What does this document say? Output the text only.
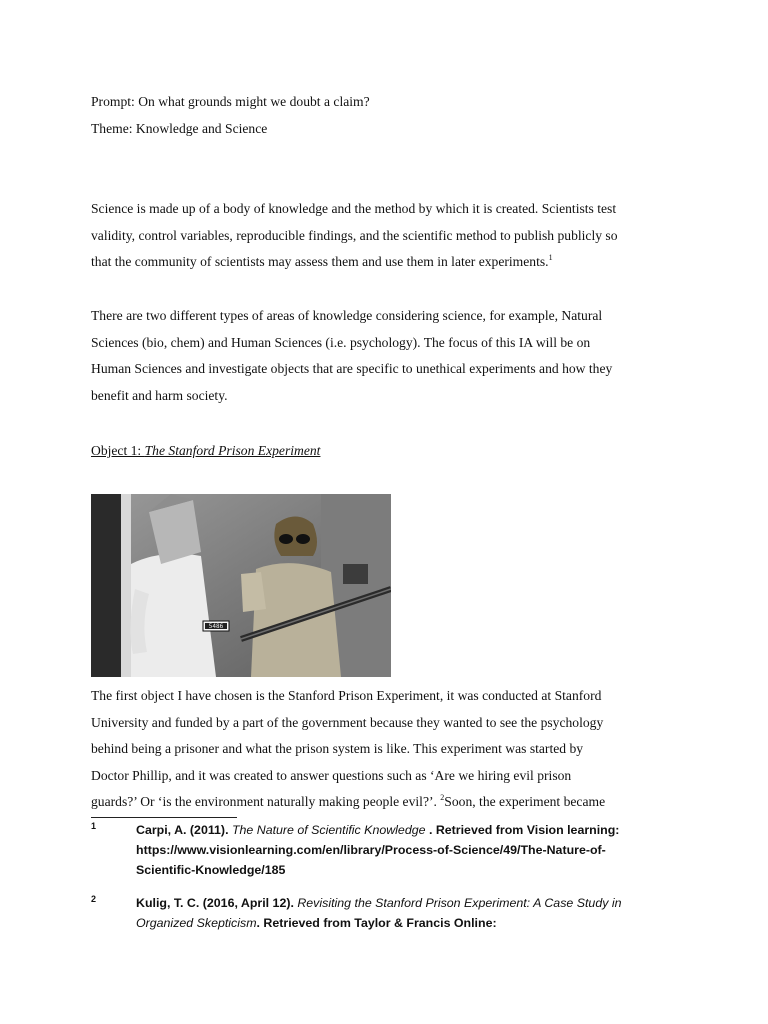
Prompt: On what grounds might we doubt a claim?
Theme: Knowledge and Science

Science is made up of a body of knowledge and the method by which it is created. Scientists test

validity, control variables, reproducible findings, and the scientific method to publish publicly so

that the community of scientists may assess them and use them in later experiments.$^1$

There are two different types of areas of knowledge considering science, for example, Natural

Sciences (bio, chem) and Human Sciences (i.e. psychology). The focus of this IA will be on

Human Sciences and investigate objects that are specific to unethical experiments and how they

benefit and harm society.

Object 1: The Stanford Prison Experiment
5486

The first object I have chosen is the Stanford Prison Experiment, it was conducted at Stanford

University and funded by a part of the government because they wanted to see the psychology

behind being a prisoner and what the prison system is like. This experiment was started by

Doctor Phillip, and it was created to answer questions such as ‘Are we hiring evil prison

guards?’ Or ‘is the environment naturally making people evil?’. $^2$Soon, the experiment became

1	Carpi, A. (2011). The Nature of Scientific Knowledge . Retrieved from Vision learning:
https://www.visionlearning.com/en/library/Process-of-Science/49/The-Nature-of-
Scientific-Knowledge/185
2	Kulig, T. C. (2016, April 12). Revisiting the Stanford Prison Experiment: A Case Study in
Organized Skepticism. Retrieved from Taylor & Francis Online:
